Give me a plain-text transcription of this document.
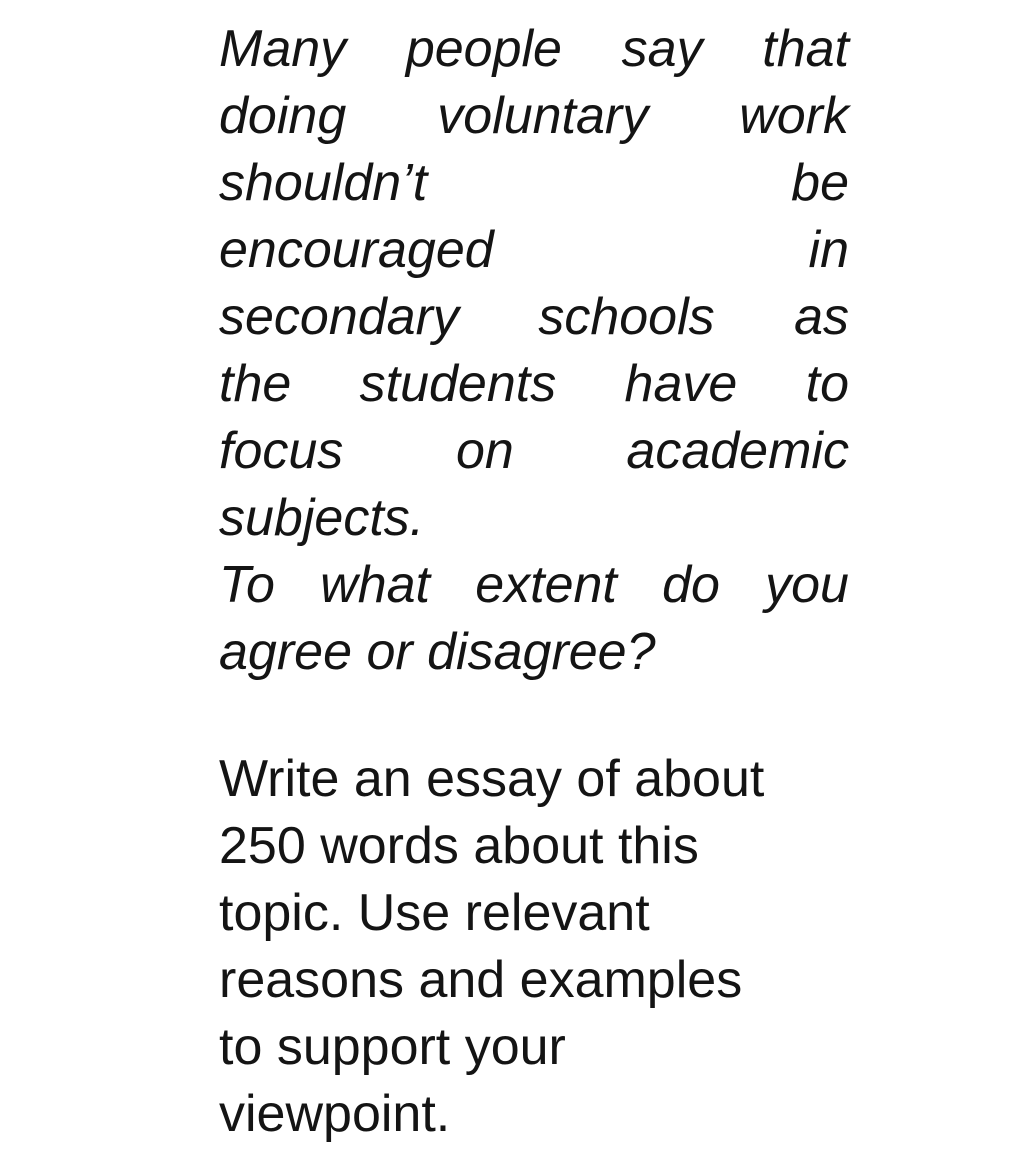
Many people say that
doing voluntary work
shouldn’t	be
encouraged	in
secondary schools as
the students have to
focus on academic
subjects.
To what extent do you
agree or disagree?
Write an essay of about
250 words about this
topic. Use relevant
reasons and examples
to support your
viewpoint.
